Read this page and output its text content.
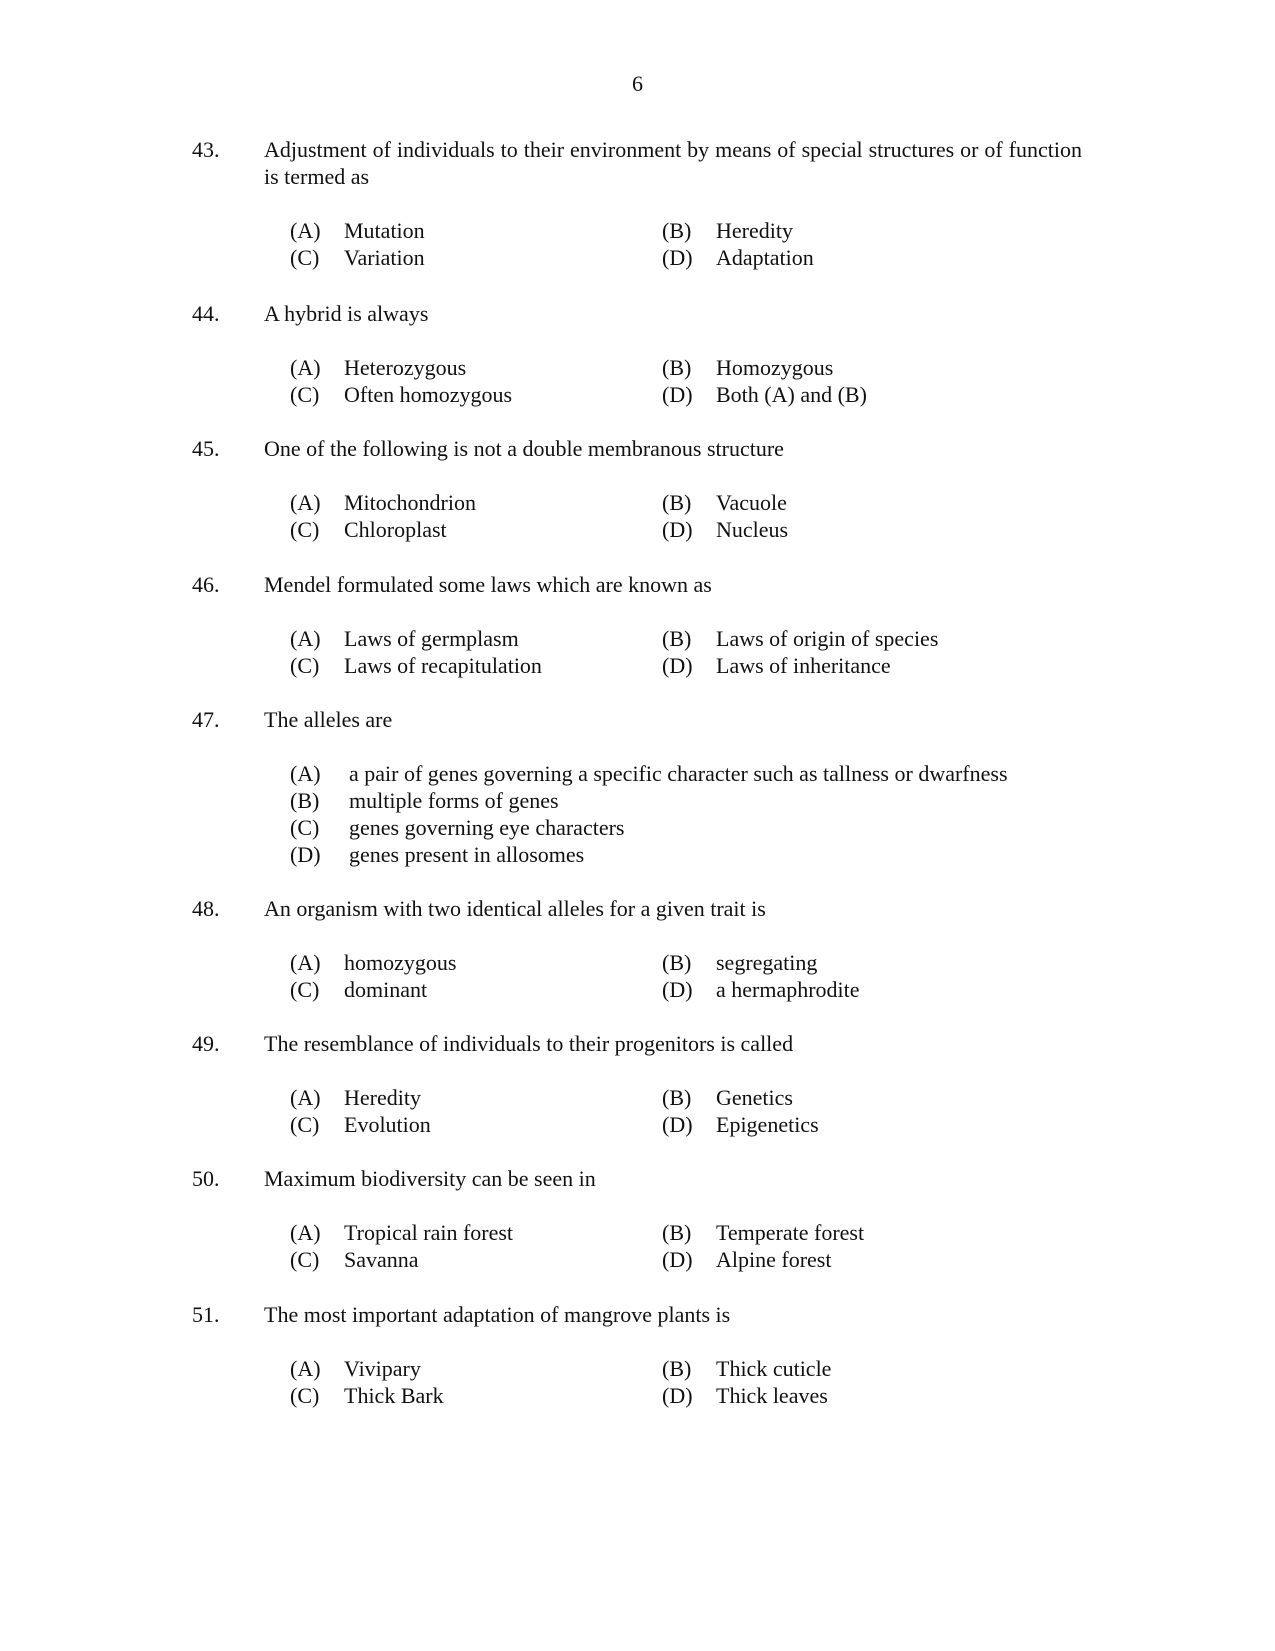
6
43.	Adjustment of individuals to their environment by means of special structures or of function is termed as
(A)	Mutation	(B)	Heredity
(C)	Variation	(D)	Adaptation
44.	A hybrid is always
(A)	Heterozygous	(B)	Homozygous
(C)	Often homozygous	(D)	Both (A) and (B)
45.	One of the following is not a double membranous structure
(A)	Mitochondrion	(B)	Vacuole
(C)	Chloroplast	(D)	Nucleus
46.	Mendel formulated some laws which are known as
(A)	Laws of germplasm	(B)	Laws of origin of species
(C)	Laws of recapitulation	(D)	Laws of inheritance
47.	The alleles are
(A)	a pair of genes governing a specific character such as tallness or dwarfness
(B)	multiple forms of genes
(C)	genes governing eye characters
(D)	genes present in allosomes
48.	An organism with two identical alleles for a given trait is
(A)	homozygous	(B)	segregating
(C)	dominant	(D)	a hermaphrodite
49.	The resemblance of individuals to their progenitors is called
(A)	Heredity	(B)	Genetics
(C)	Evolution	(D)	Epigenetics
50.	Maximum biodiversity can be seen in
(A)	Tropical rain forest	(B)	Temperate forest
(C)	Savanna	(D)	Alpine forest
51.	The most important adaptation of mangrove plants is
(A)	Vivipary	(B)	Thick cuticle
(C)	Thick Bark	(D)	Thick leaves
